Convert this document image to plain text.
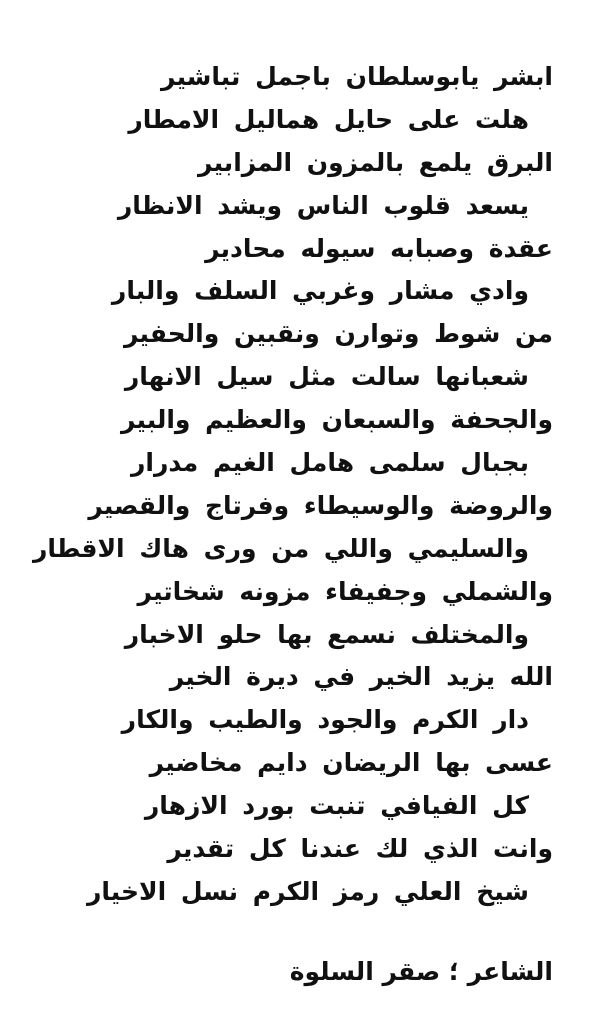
ابشر يابوسلطان باجمل تباشير
هلت على حايل هماليل الامطار
البرق يلمع بالمزون المزابير
يسعد قلوب الناس ويشد الانظار
عقدة وصبابه سيوله محادير
وادي مشار وغربي السلف والبار
من شوط وتوارن ونقبين والحفير
شعبانها سالت مثل سيل الانهار
والجحفة والسبعان والعظيم والبير
بجبال سلمى هامل الغيم مدرار
والروضة والوسيطاء وفرتاج والقصير
والسليمي واللي من ورى هاك الاقطار
والشملي وجفيفاء مزونه شخاتير
والمختلف نسمع بها حلو الاخبار
الله يزيد الخير في ديرة الخير
دار الكرم والجود والطيب والكار
عسى بها الريضان دايم مخاضير
كل الفيافي تنبت بورد الازهار
وانت الذي لك عندنا كل تقدير
شيخ العلي رمز الكرم نسل الاخيار
الشاعر ؛ صقر السلوة
